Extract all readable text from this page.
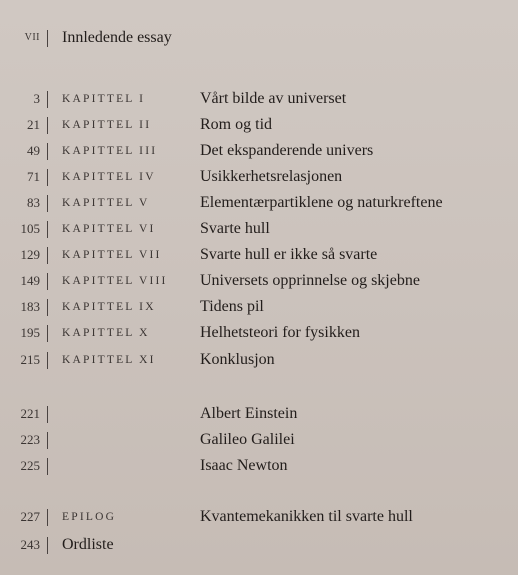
VII Innledende essay
3 KAPITTEL I	Vårt bilde av universet
21 KAPITTEL II	Rom og tid
49 KAPITTEL III	Det ekspanderende univers
71 KAPITTEL IV	Usikkerhetsrelasjonen
83 KAPITTEL V	Elementærpartiklene og naturkreftene
105 KAPITTEL VI	Svarte hull
129 KAPITTEL VII Svarte hull er ikke så svarte
149 KAPITTEL VIII Universets opprinnelse og skjebne
183 KAPITTEL IX	Tidens pil
195 KAPITTEL X	Helhetsteori for fysikken
215 KAPITTEL XI	Konklusjon
221	Albert Einstein
223	Galileo Galilei
225	Isaac Newton
227 EPILOG	Kvantemekanikken til svarte hull
243 Ordliste
